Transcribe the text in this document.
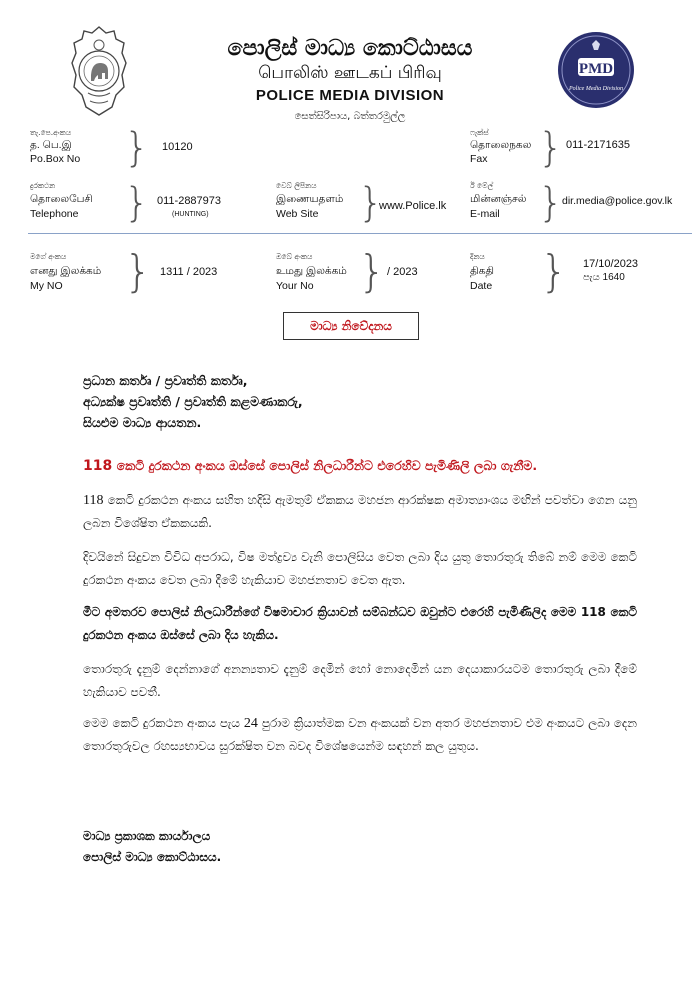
පොලිස් මාධ්‍ය කොට්ඨාසය
பொலிஸ் ஊடகப் பிரிவு
POLICE MEDIA DIVISION
සෙත්සිරිපාය, බත්තරමුල්ල
PMD
Police Media Division
තැ.පෙ.අංකය
த. பெ.இ
Po.Box No } 10120
ෆැක්ස්
தொலைநகல
Fax } 011-2171635
දුරකථන
தொலைபேசி
Telephone } 011-2887973
(HUNTING)
වෙබ් ලිපිනය
இணையதளம்
Web Site }
www.Police.lk
ඊ මේල්
மின்னஞ்சல்
E-mail }
dir.media@police.gov.lk
මගේ අංකය
எனது இலக்கம்
My NO } 1311 / 2023
ඔබේ අංකය
உமது இலக்கம்
Your No } / 2023
දිනය
திகதி
Date } 17/10/2023
පැය 1640
මාධ්‍ය නිවේදනය
ප්‍රධාන කර්තෘ / ප්‍රවෘත්ති කර්තෘ,
අධ්‍යක්ෂ ප්‍රවෘත්ති / ප්‍රවෘත්ති කළමණාකරු,
සියළුම මාධ්‍ය ආයතන.
118 කෙටි දුරකථන අංකය ඔස්සේ පොලිස් නිලධාරීන්ට එරෙහිව පැමිණිලි ලබා ගැනීම.
118 කෙටි දුරකථන අංකය සහිත හදිසි ඇමතුම් ඒකකය මහජන ආරක්ෂක අමාත්‍යාංශය මඟින් පවත්වා ගෙන යනු ලබන විශේෂිත ඒකකයකි.
දිවයිනේ සිදුවන විවිධ අපරාධ, විෂ මත්ද්‍රව්‍ය වැනි පොලිසිය වෙත ලබා දිය යුතු තොරතුරු තිබේ නම් මෙම කෙටි දුරකථන අංකය වෙත ලබා දීමේ හැකියාව මහජනතාව වෙත ඇත.
මීට අමතරව පොලිස් නිලධාරීන්ගේ විෂමාචාර ක්‍රියාවන් සම්බන්ධව ඔවුන්ට එරෙහි පැමිණිලිද මෙම 118 කෙටි දුරකථන අංකය ඔස්සේ ලබා දිය හැකිය.
තොරතුරු දැනුම් දෙන්නාගේ අනන්‍යතාව දැනුම් දෙමින් හෝ නොදෙමින් යන දෙයාකාරයටම තොරතුරු ලබා දීමේ හැකියාව පවතී.
මෙම කෙටි දුරකථන අංකය පැය 24 පුරාම ක්‍රියාත්මක වන අංකයක් වන අතර මහජනතාව එම අංකයට ලබා දෙන තොරතුරුවල රහස්‍යභාවය සුරක්ෂිත වන බවද විශේෂයෙන්ම සඳහන් කල යුතුය.
මාධ්‍ය ප්‍රකාශක කාර්යාලය
පොලිස් මාධ්‍ය කොට්ඨාසය.
